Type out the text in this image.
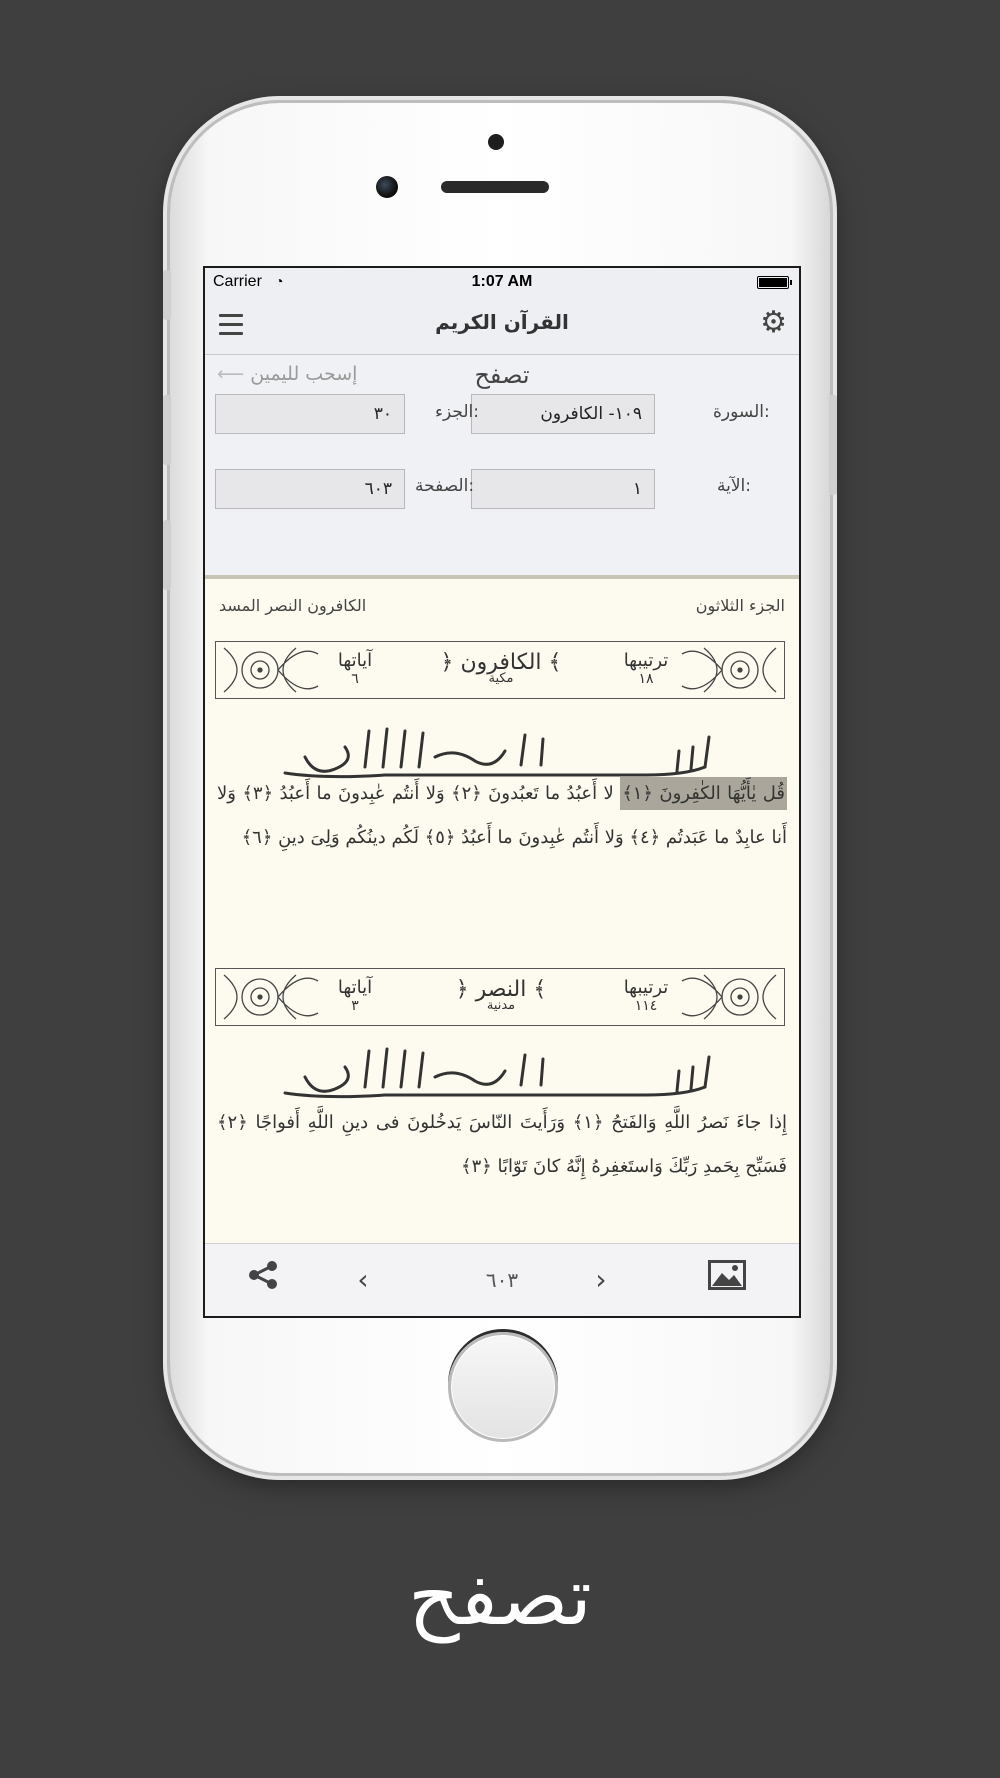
Carrier ◔	1:07 AM
القرآن الكريم	⚙
⟵ إسحب لليمين	تصفح
السورة:
١٠٩- الكافرون
الجزء:
٣٠
الآية:
١
الصفحة:
٦٠٣
الجزء الثلاثون
الكافرون النصر المسد
آياتها
٦
﴿ الكافرون ﴾
مكية
ترتيبها
١٨
قُل يٰأَيُّهَا الكٰفِرونَ ﴿١﴾ لا أَعبُدُ ما تَعبُدونَ ﴿٢﴾ وَلا أَنتُم عٰبِدونَ ما أَعبُدُ ﴿٣﴾ وَلا أَنا عابِدٌ ما عَبَدتُم ﴿٤﴾ وَلا أَنتُم عٰبِدونَ ما أَعبُدُ ﴿٥﴾ لَكُم دينُكُم وَلِىَ دينِ ﴿٦﴾
آياتها
٣
﴿ النصر ﴾
مدنية
ترتيبها
١١٤
إِذا جاءَ نَصرُ اللَّهِ وَالفَتحُ ﴿١﴾ وَرَأَيتَ النّاسَ يَدخُلونَ فى دينِ اللَّهِ أَفواجًا ﴿٢﴾ فَسَبِّح بِحَمدِ رَبِّكَ وَاستَغفِرهُ إِنَّهُ كانَ تَوّابًا ﴿٣﴾
‹	٦٠٣	›
تصفح
